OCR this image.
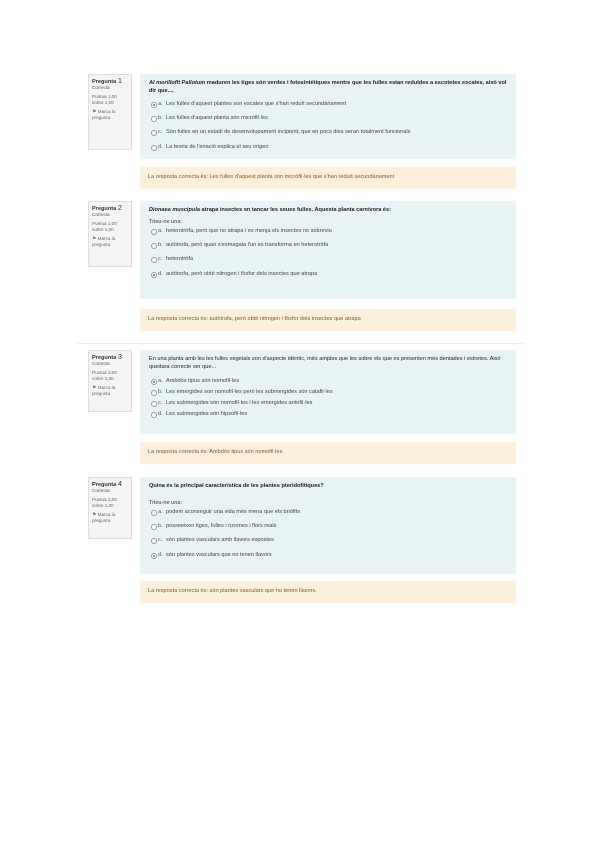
Pregunta 1
Correcta
Puntua 1,00
sobre 1,00
⚑ Marca la pregunta
Al morilloflt Pallotum maduren les tiges són verdes i fotosintètiques mentre que les fulles estan reduïdes a escotetes escates, això vol dir que....
a. Les fulles d'aquest plantes son escates que s'han reduït secundàriament
b. Les fulles d'aquest planta són micròfil·les
c. Són fulles en un estadi de desenvolupament incipient, que en pocs dies seran totalment funcionals
d. La teoria de l'enació explica el seu origen
La resposta correcta és: Les fulles d'aquest planta són micròfil·les que s'han reduït secundàriament
Pregunta 2
Correcta
Puntua 1,00
sobre 1,00
⚑ Marca la pregunta
Dionaea muscipula atrapa insectes en tancar les seues fulles. Aquesta planta carnívora és:
Trieu-ne una:
a. heterotròfa, però que no atrapa i es menja els insectes no sobreviu
b. autòtrofa, però quan s'esmagala l'un es transforma en heterotròfa
c. heterotròfa
d. autòtrofa, però obté nitrogen i fòsfor dels insectes que atrapa
La resposta correcta és: autòtrofa, però obté nitrogen i fòsfor dels insectes que atrapa
Pregunta 3
Correcta
Puntua 1,00
sobre 1,00
⚑ Marca la pregunta
En una planta amb les les fulles vegetals son d'aspecte idèntic, més amples que les sobre els que es presenten més dentades i estretes. Aixó quedara correcte ser que...
a. Ambdós tipus són nomofil·les
b. Les emergides son nomofil·les però les submergides són catafil·les
c. Les submergides són nomofil·les i les emergides antofil·les
d. Les submergides són hipsofil·les
La resposta correcta és: Ambdós tipus són nomofil·les
Pregunta 4
Correcta
Puntua 1,00
sobre 1,00
⚑ Marca la pregunta
Quina és la principal característica de les plantes pteridofítiques?
Trieu-ne una:
a. podem aconseguir una vida més mena que els briòfits
b. posseeixen tiges, fulles i rizomes i flors reals
c. són plantes vasculars amb llavors expostes
d. són plantes vasculars que no tenen llavors
La resposta correcta és: són plantes vasculars que no tenen llavors.
